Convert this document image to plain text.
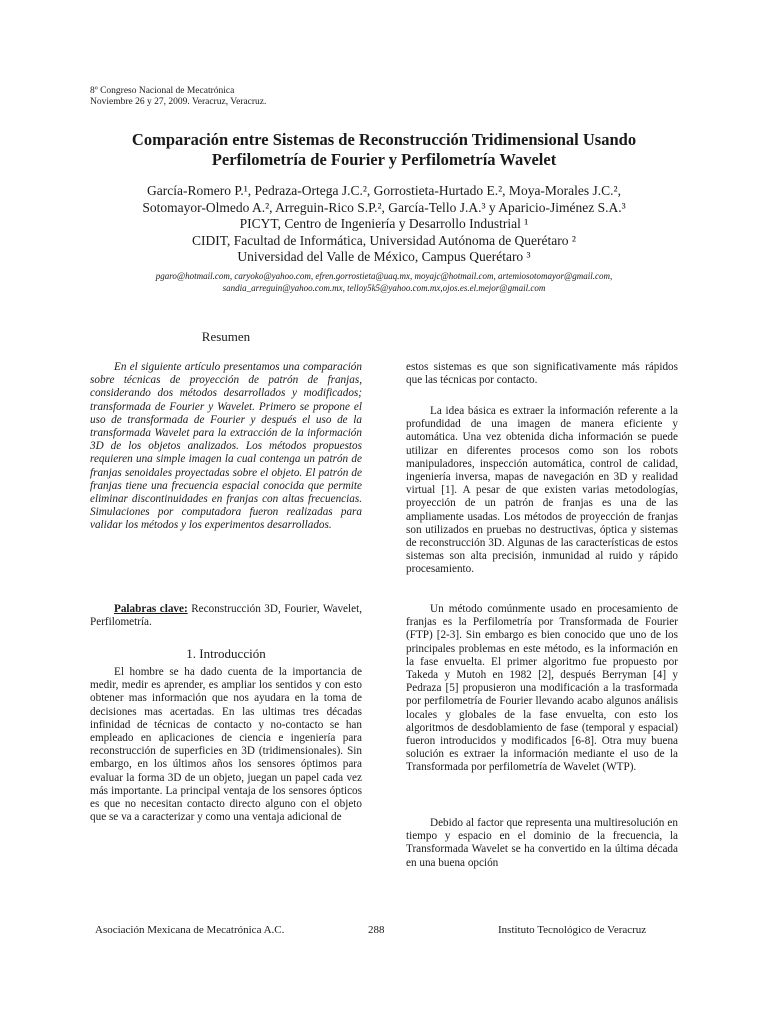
8º Congreso Nacional de Mecatrónica
Noviembre 26 y 27, 2009. Veracruz, Veracruz.
Comparación entre Sistemas de Reconstrucción Tridimensional Usando
Perfilometría de Fourier y Perfilometría Wavelet
García-Romero P.¹, Pedraza-Ortega J.C.², Gorrostieta-Hurtado E.², Moya-Morales J.C.²,
Sotomayor-Olmedo A.², Arreguin-Rico S.P.², García-Tello J.A.³ y Aparicio-Jiménez S.A.³
PICYT, Centro de Ingeniería y Desarrollo Industrial ¹
CIDIT, Facultad de Informática, Universidad Autónoma de Querétaro ²
Universidad del Valle de México, Campus Querétaro ³
pgaro@hotmail.com, caryoko@yahoo.com, efren.gorrostieta@uaq.mx, moyajc@hotmail.com, artemiosotomayor@gmail.com,
sandia_arreguin@yahoo.com.mx, telloy5k5@yahoo.com.mx,ojos.es.el.mejor@gmail.com
Resumen

En el siguiente artículo presentamos una comparación sobre técnicas de proyección de patrón de franjas, considerando dos métodos desarrollados y modificados; transformada de Fourier y Wavelet. Primero se propone el uso de transformada de Fourier y después el uso de la transformada Wavelet para la extracción de la información 3D de los objetos analizados. Los métodos propuestos requieren una simple imagen la cual contenga un patrón de franjas senoidales proyectadas sobre el objeto. El patrón de franjas tiene una frecuencia espacial conocida que permite eliminar discontinuidades en franjas con altas frecuencias. Simulaciones por computadora fueron realizadas para validar los métodos y los experimentos desarrollados.

Palabras clave: Reconstrucción 3D, Fourier, Wavelet, Perfilometría.

El hombre se ha dado cuenta de la importancia de medir, medir es aprender, es ampliar los sentidos y con esto obtener mas información que nos ayudara en la toma de decisiones mas acertadas. En las ultimas tres décadas infinidad de técnicas de contacto y no-contacto se han empleado en aplicaciones de ciencia e ingeniería para reconstrucción de superficies en 3D (tridimensionales). Sin embargo, en los últimos años los sensores óptimos para evaluar la forma 3D de un objeto, juegan un papel cada vez más importante. La principal ventaja de los sensores ópticos es que no necesitan contacto directo alguno con el objeto que se va a caracterizar y como una ventaja adicional de

1. Introducción

estos sistemas es que son significativamente más rápidos que las técnicas por contacto.

La idea básica es extraer la información referente a la profundidad de una imagen de manera eficiente y automática. Una vez obtenida dicha información se puede utilizar en diferentes procesos como son los robots manipuladores, inspección automática, control de calidad, ingeniería inversa, mapas de navegación en 3D y realidad virtual [1]. A pesar de que existen varias metodologías, proyección de un patrón de franjas es una de las ampliamente usadas. Los métodos de proyección de franjas son utilizados en pruebas no destructivas, óptica y sistemas de reconstrucción 3D. Algunas de las características de estos sistemas son alta precisión, inmunidad al ruido y rápido procesamiento.

Un método comúnmente usado en procesamiento de franjas es la Perfilometría por Transformada de Fourier (FTP) [2-3]. Sin embargo es bien conocido que uno de los principales problemas en este método, es la información en la fase envuelta. El primer algoritmo fue propuesto por Takeda y Mutoh en 1982 [2], después Berryman [4] y Pedraza [5] propusieron una modificación a la trasformada por perfilometría de Fourier llevando acabo algunos análisis locales y globales de la fase envuelta, con esto los algoritmos de desdoblamiento de fase (temporal y espacial) fueron introducidos y modificados [6-8]. Otra muy buena solución es extraer la información mediante el uso de la Transformada por perfilometría de Wavelet (WTP).

Debido al factor que representa una multiresolución en tiempo y espacio en el dominio de la frecuencia, la Transformada Wavelet se ha convertido en la última década en una buena opción

Asociación Mexicana de Mecatrónica A.C.	288	Instituto Tecnológico de Veracruz
